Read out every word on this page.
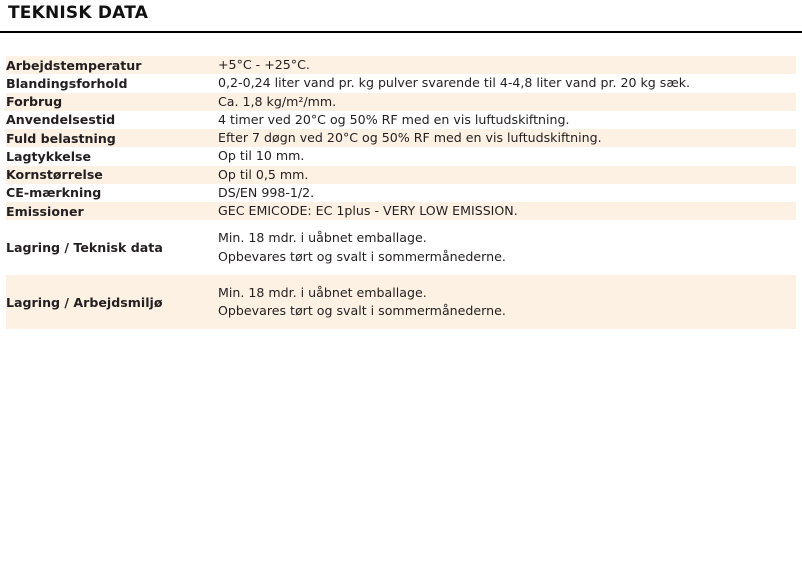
TEKNISK DATA
Arbejdstemperatur	+5°C - +25°C.

Blandingsforhold	0,2-0,24 liter vand pr. kg pulver svarende til 4-4,8 liter vand pr. 20 kg sæk.

Forbrug	Ca. 1,8 kg/m²/mm.

Anvendelsestid	4 timer ved 20°C og 50% RF med en vis luftudskiftning.

Fuld belastning	Efter 7 døgn ved 20°C og 50% RF med en vis luftudskiftning.

Lagtykkelse	Op til 10 mm.

Kornstørrelse	Op til 0,5 mm.

CE-mærkning	DS/EN 998-1/2.

Emissioner	GEC EMICODE: EC 1plus - VERY LOW EMISSION.

Lagring / Teknisk data	Min. 18 mdr. i uåbnet emballage.
Opbevares tørt og svalt i sommermånederne.

Lagring / Arbejdsmiljø	Min. 18 mdr. i uåbnet emballage.
Opbevares tørt og svalt i sommermånederne.
